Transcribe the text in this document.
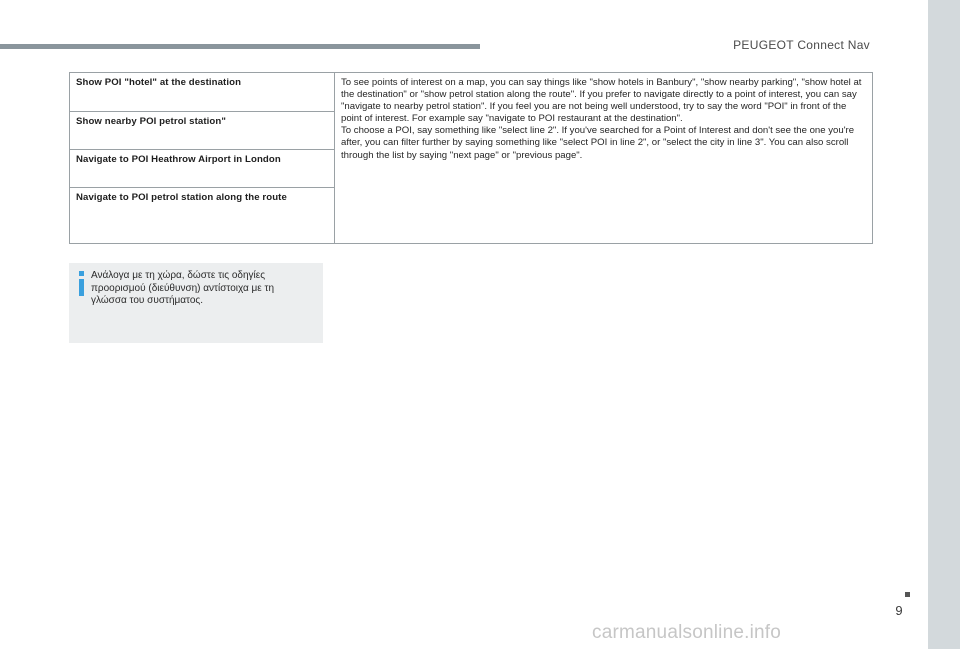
PEUGEOT Connect Nav
Show POI "hotel" at the destination	To see points of interest on a map, you can say things like "show hotels in Banbury", "show nearby parking", "show hotel at the destination" or "show petrol station along the route". If you prefer to navigate directly to a point of interest, you can say "navigate to nearby petrol station". If you feel you are not being well understood, try to say the word "POI" in front of the point of interest. For example say "navigate to POI restaurant at the destination".
To choose a POI, say something like "select line 2". If you've searched for a Point of Interest and don't see the one you're after, you can filter further by saying something like "select POI in line 2", or "select the city in line 3". You can also scroll through the list by saying "next page" or "previous page".

Show nearby POI petrol station"
Navigate to POI Heathrow Airport in London
Navigate to POI petrol station along the route
Ανάλογα με τη χώρα, δώστε τις οδηγίες προορισμού (διεύθυνση) αντίστοιχα με τη γλώσσα του συστήματος.
9
carmanualsonline.info
